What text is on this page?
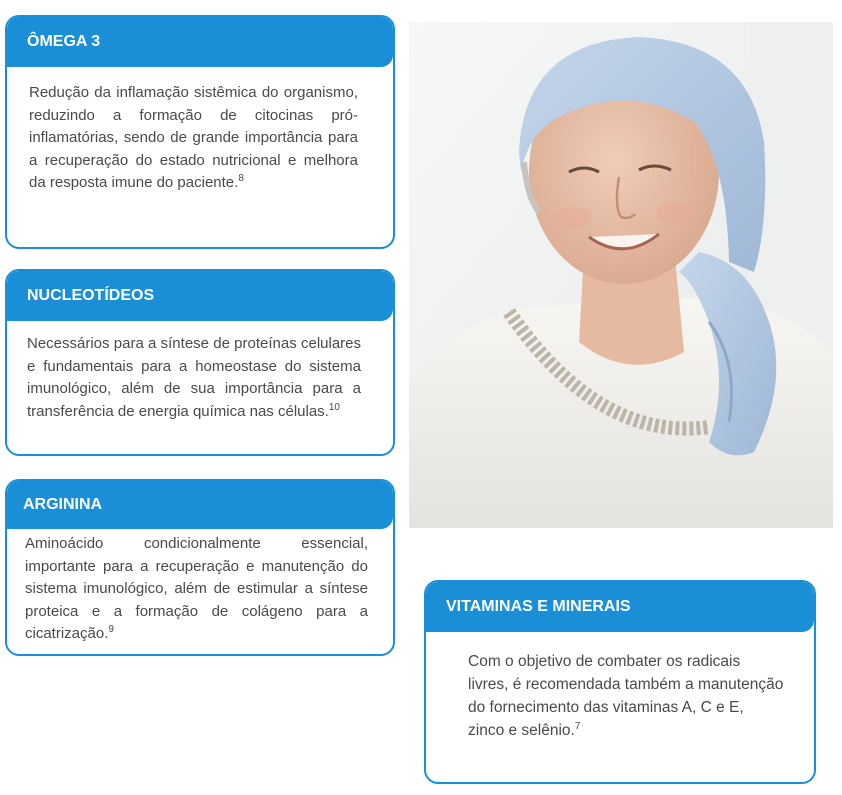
ÔMEGA 3
Redução da inflamação sistêmica do organismo, reduzindo a formação de citocinas pró-inflamatórias, sendo de grande importância para a recuperação do estado nutricional e melhora da resposta imune do paciente.$^8$
NUCLEOTÍDEOS
Necessários para a síntese de proteínas celulares e fundamentais para a homeostase do sistema imunológico, além de sua importância para a transferência de energia química nas células.$^{10}$
ARGININA
Aminoácido condicionalmente essencial, importante para a recuperação e manutenção do sistema imunológico, além de estimular a síntese proteica e a formação de colágeno para a cicatrização.$^9$
VITAMINAS E MINERAIS
Com o objetivo de combater os radicais livres, é recomendada também a manutenção do fornecimento das vitaminas A, C e E, zinco e selênio.$^7$
